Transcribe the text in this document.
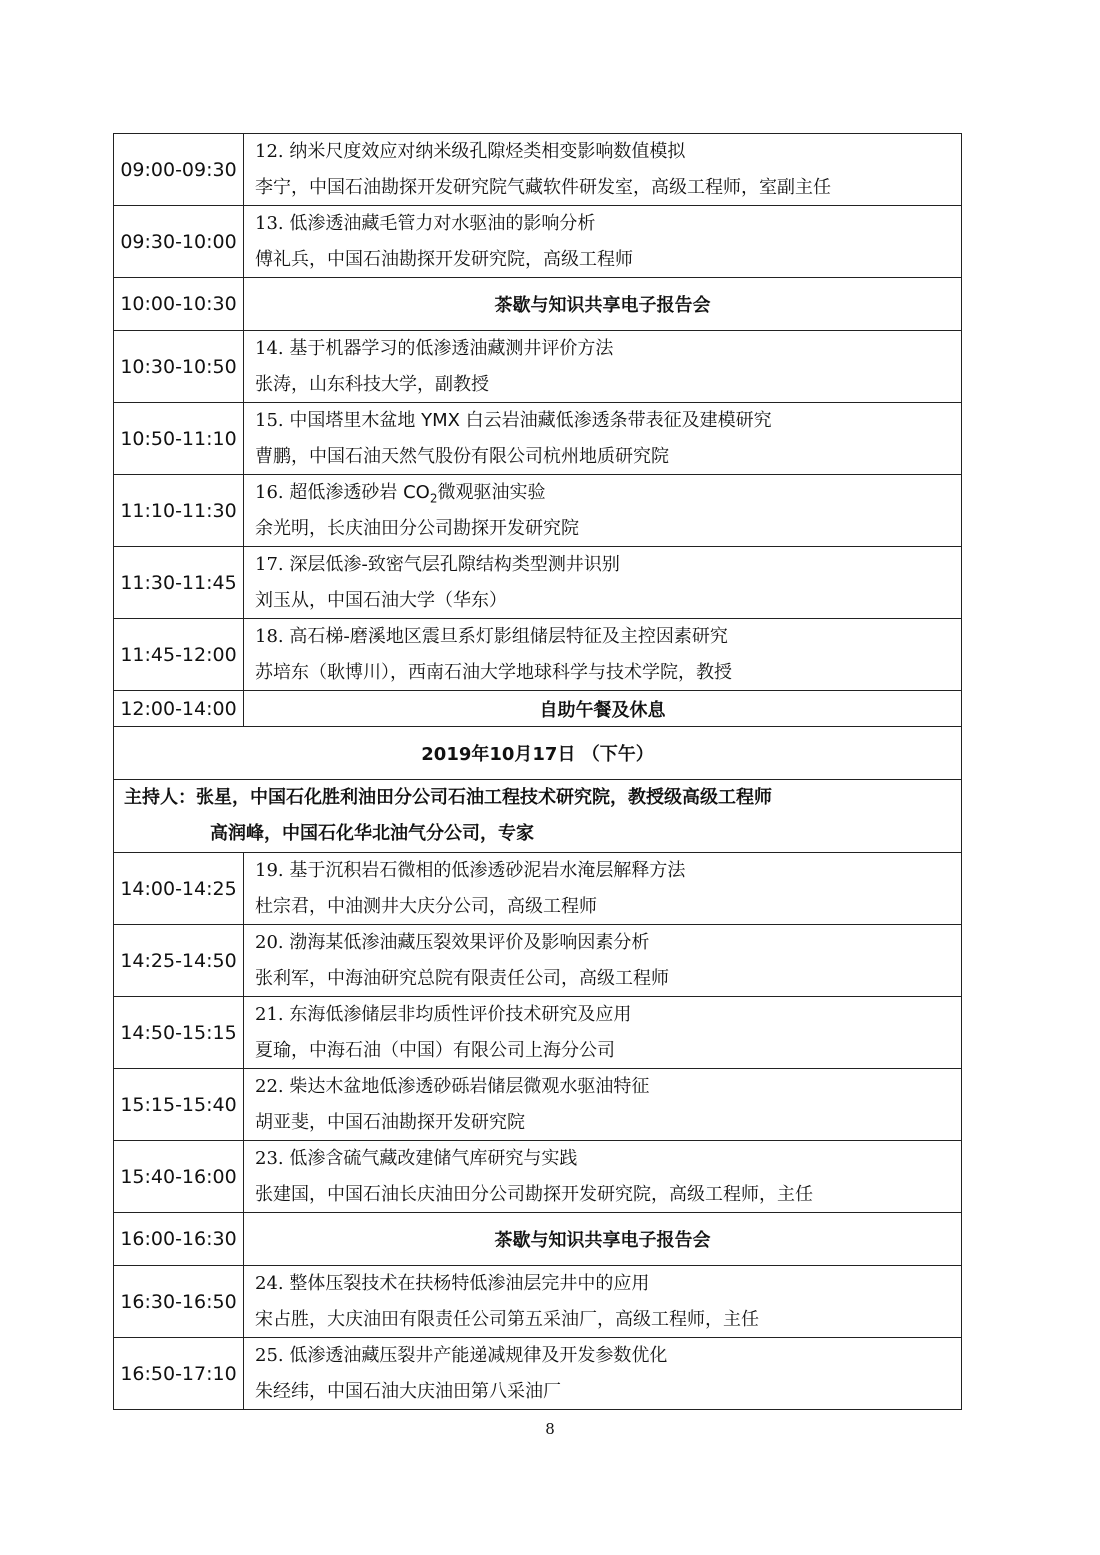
09:00-09:30	12. 纳米尺度效应对纳米级孔隙烃类相变影响数值模拟
李宁，中国石油勘探开发研究院气藏软件研发室，高级工程师，室副主任

09:30-10:00	13. 低渗透油藏毛管力对水驱油的影响分析
傅礼兵，中国石油勘探开发研究院，高级工程师

10:00-10:30	茶歇与知识共享电子报告会
10:30-10:50	14. 基于机器学习的低渗透油藏测井评价方法
张涛，山东科技大学，副教授

10:50-11:10	15. 中国塔里木盆地 YMX 白云岩油藏低渗透条带表征及建模研究
曹鹏，中国石油天然气股份有限公司杭州地质研究院

11:10-11:30	16. 超低渗透砂岩 $CO_2$微观驱油实验
余光明，长庆油田分公司勘探开发研究院

11:30-11:45	17. 深层低渗-致密气层孔隙结构类型测井识别
刘玉从，中国石油大学（华东）

11:45-12:00	18. 高石梯-磨溪地区震旦系灯影组储层特征及主控因素研究
苏培东（耿博川），西南石油大学地球科学与技术学院，教授

12:00-14:00	自助午餐及休息
2019年10月17日 （下午）	

主持人：张星，中国石化胜利油田分公司石油工程技术研究院，教授级高级工程师
高润峰，中国石化华北油气分公司，专家	

14:00-14:25	19. 基于沉积岩石微相的低渗透砂泥岩水淹层解释方法
杜宗君，中油测井大庆分公司，高级工程师

14:25-14:50	20. 渤海某低渗油藏压裂效果评价及影响因素分析
张利军，中海油研究总院有限责任公司，高级工程师

14:50-15:15	21. 东海低渗储层非均质性评价技术研究及应用
夏瑜，中海石油（中国）有限公司上海分公司

15:15-15:40	22. 柴达木盆地低渗透砂砾岩储层微观水驱油特征
胡亚斐，中国石油勘探开发研究院

15:40-16:00	23. 低渗含硫气藏改建储气库研究与实践
张建国，中国石油长庆油田分公司勘探开发研究院，高级工程师，主任

16:00-16:30	茶歇与知识共享电子报告会
16:30-16:50	24. 整体压裂技术在扶杨特低渗油层完井中的应用
宋占胜，大庆油田有限责任公司第五采油厂，高级工程师，主任

16:50-17:10	25. 低渗透油藏压裂井产能递减规律及开发参数优化
朱经纬，中国石油大庆油田第八采油厂
8
